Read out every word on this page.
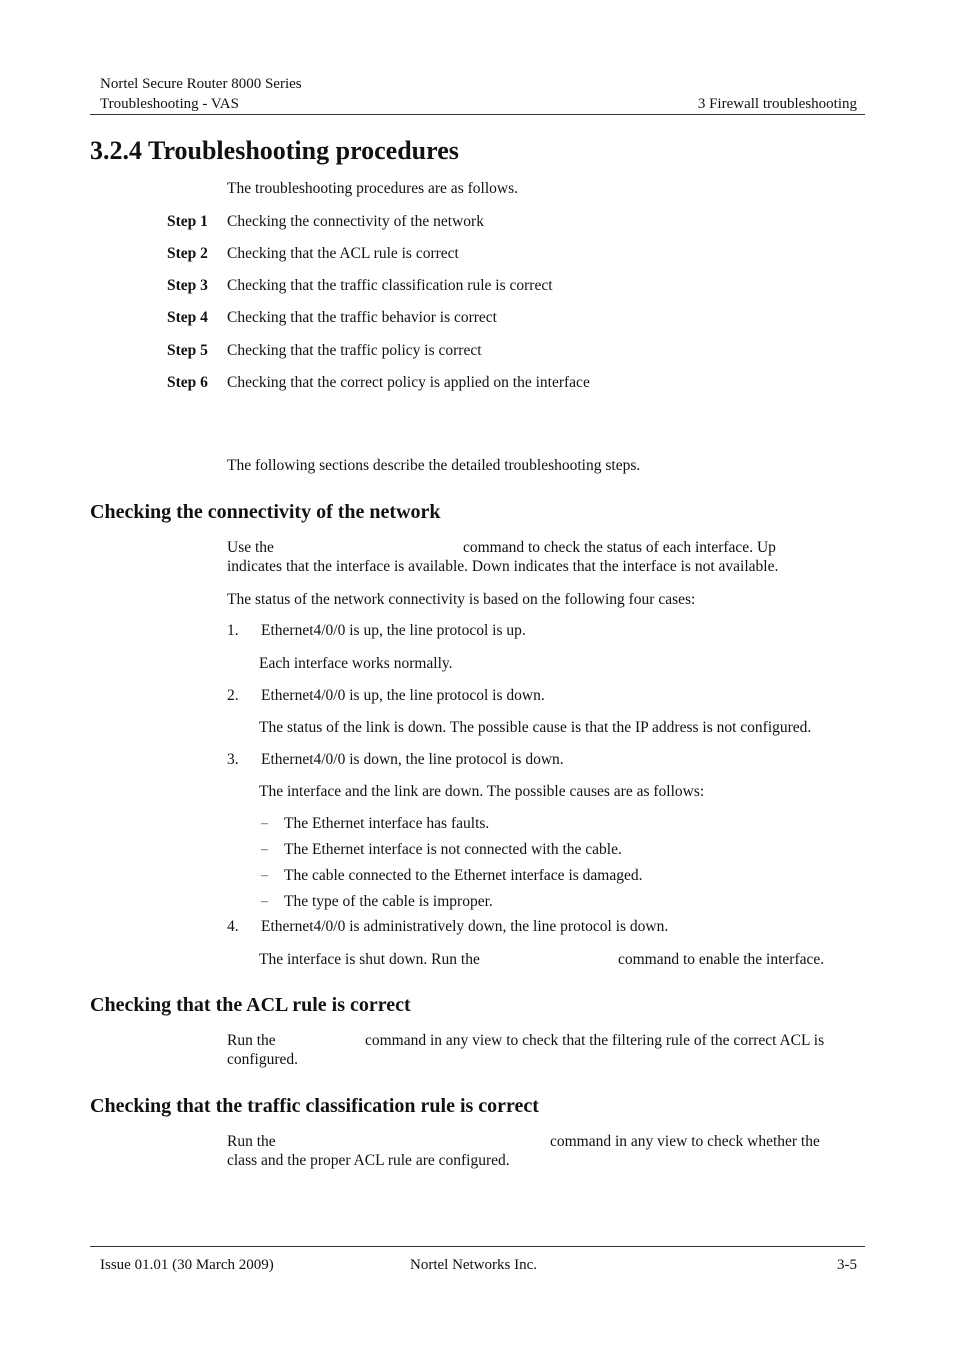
Nortel Secure Router 8000 Series
Troubleshooting - VAS	3 Firewall troubleshooting
3.2.4 Troubleshooting procedures
The troubleshooting procedures are as follows.
Step 1 Checking the connectivity of the network
Step 2 Checking that the ACL rule is correct
Step 3 Checking that the traffic classification rule is correct
Step 4 Checking that the traffic behavior is correct
Step 5 Checking that the traffic policy is correct
Step 6 Checking that the correct policy is applied on the interface
The following sections describe the detailed troubleshooting steps.
Checking the connectivity of the network
Use the	command to check the status of each interface. Up
indicates that the interface is available. Down indicates that the interface is not available.
The status of the network connectivity is based on the following four cases:
1. Ethernet4/0/0 is up, the line protocol is up.
Each interface works normally.
2. Ethernet4/0/0 is up, the line protocol is down.
The status of the link is down. The possible cause is that the IP address is not configured.
3. Ethernet4/0/0 is down, the line protocol is down.
The interface and the link are down. The possible causes are as follows:
– The Ethernet interface has faults.
– The Ethernet interface is not connected with the cable.
– The cable connected to the Ethernet interface is damaged.
– The type of the cable is improper.
4. Ethernet4/0/0 is administratively down, the line protocol is down.
The interface is shut down. Run the	command to enable the interface.
Checking that the ACL rule is correct
Run the	command in any view to check that the filtering rule of the correct ACL is
configured.
Checking that the traffic classification rule is correct
Run the	command in any view to check whether the
class and the proper ACL rule are configured.
Issue 01.01 (30 March 2009)	Nortel Networks Inc.	3-5
